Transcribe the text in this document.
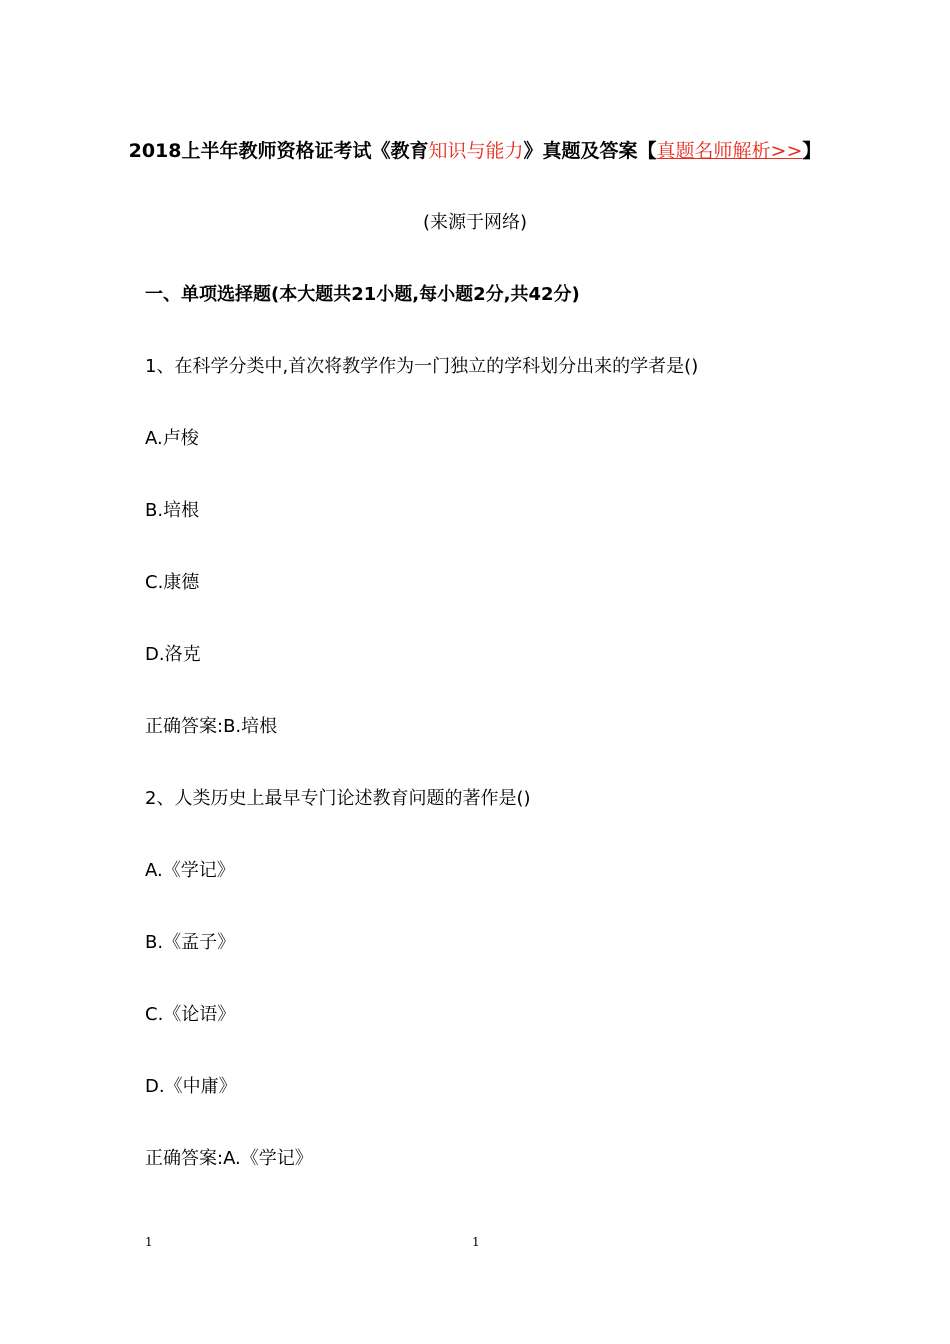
2018上半年教师资格证考试《教育知识与能力》真题及答案【真题名师解析>>】
(来源于网络)
一、单项选择题(本大题共21小题,每小题2分,共42分)
1、在科学分类中,首次将教学作为一门独立的学科划分出来的学者是()
A.卢梭
B.培根
C.康德
D.洛克
正确答案:B.培根
2、人类历史上最早专门论述教育问题的著作是()
A.《学记》
B.《孟子》
C.《论语》
D.《中庸》
正确答案:A.《学记》
1	1
